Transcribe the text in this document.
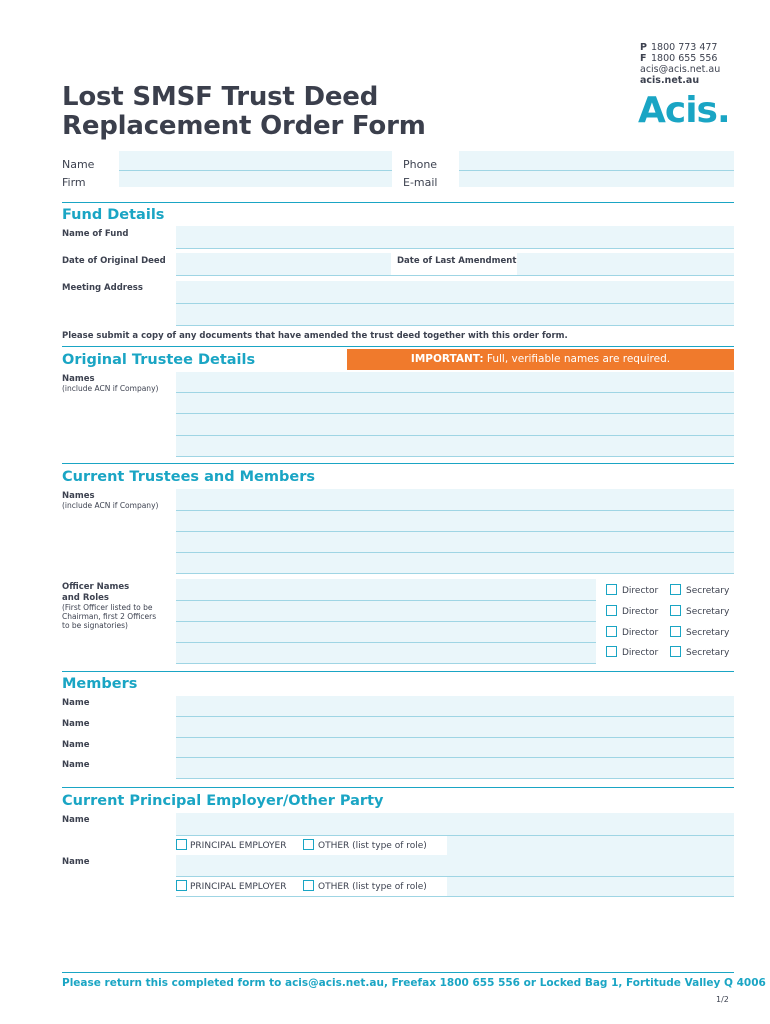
P 1800 773 477
F 1800 655 556
acis@acis.net.au
acis.net.au
Lost SMSF Trust Deed
Replacement Order Form	Acis.
Name	Phone
Firm	E-mail
Fund Details
Name of Fund
Date of Original Deed	Date of Last Amendment
Meeting Address
Please submit a copy of any documents that have amended the trust deed together with this order form.
Original Trustee Details	IMPORTANT: Full, verifiable names are required.
Names
(include ACN if Company)
Current Trustees and Members
Names
(include ACN if Company)
Officer Names
and Roles
(First Officer listed to be
Chairman, first 2 Officers
to be signatories)
Director	Secretary
Director	Secretary
Director	Secretary
Director	Secretary
Members
Name
Name
Name
Name
Current Principal Employer/Other Party
Name
PRINCIPAL EMPLOYER	OTHER (list type of role)
Name
PRINCIPAL EMPLOYER	OTHER (list type of role)
Please return this completed form to acis@acis.net.au, Freefax 1800 655 556 or Locked Bag 1, Fortitude Valley Q 4006
1/2
